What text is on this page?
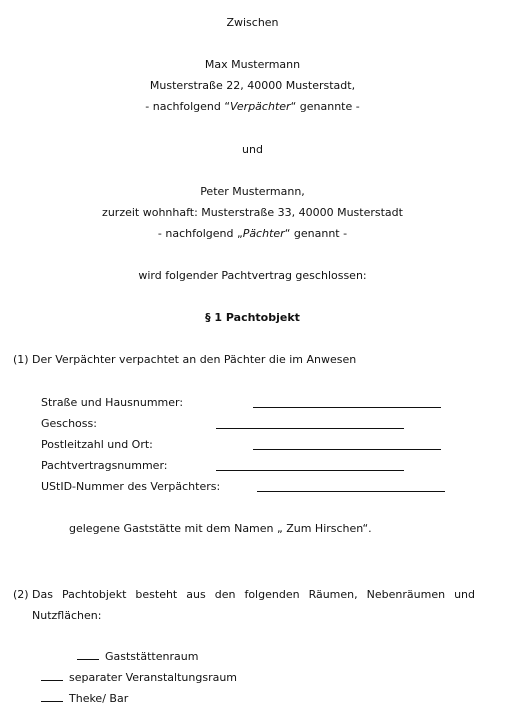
Zwischen
Max Mustermann
Musterstraße 22, 40000 Musterstadt,
- nachfolgend “Verpächter“ genannte -
und
Peter Mustermann,
zurzeit wohnhaft: Musterstraße 33, 40000 Musterstadt
- nachfolgend „Pächter“ genannt -
wird folgender Pachtvertrag geschlossen:
§ 1 Pachtobjekt
(1) Der Verpächter verpachtet an den Pächter die im Anwesen
Straße und Hausnummer:
Geschoss:
Postleitzahl und Ort:
Pachtvertragsnummer:
UStID-Nummer des Verpächters:
gelegene Gaststätte mit dem Namen „ Zum Hirschen“.
(2) Das Pachtobjekt besteht aus den folgenden Räumen, Nebenräumen und
Nutzflächen:
Gaststättenraum
separater Veranstaltungsraum
Theke/ Bar
